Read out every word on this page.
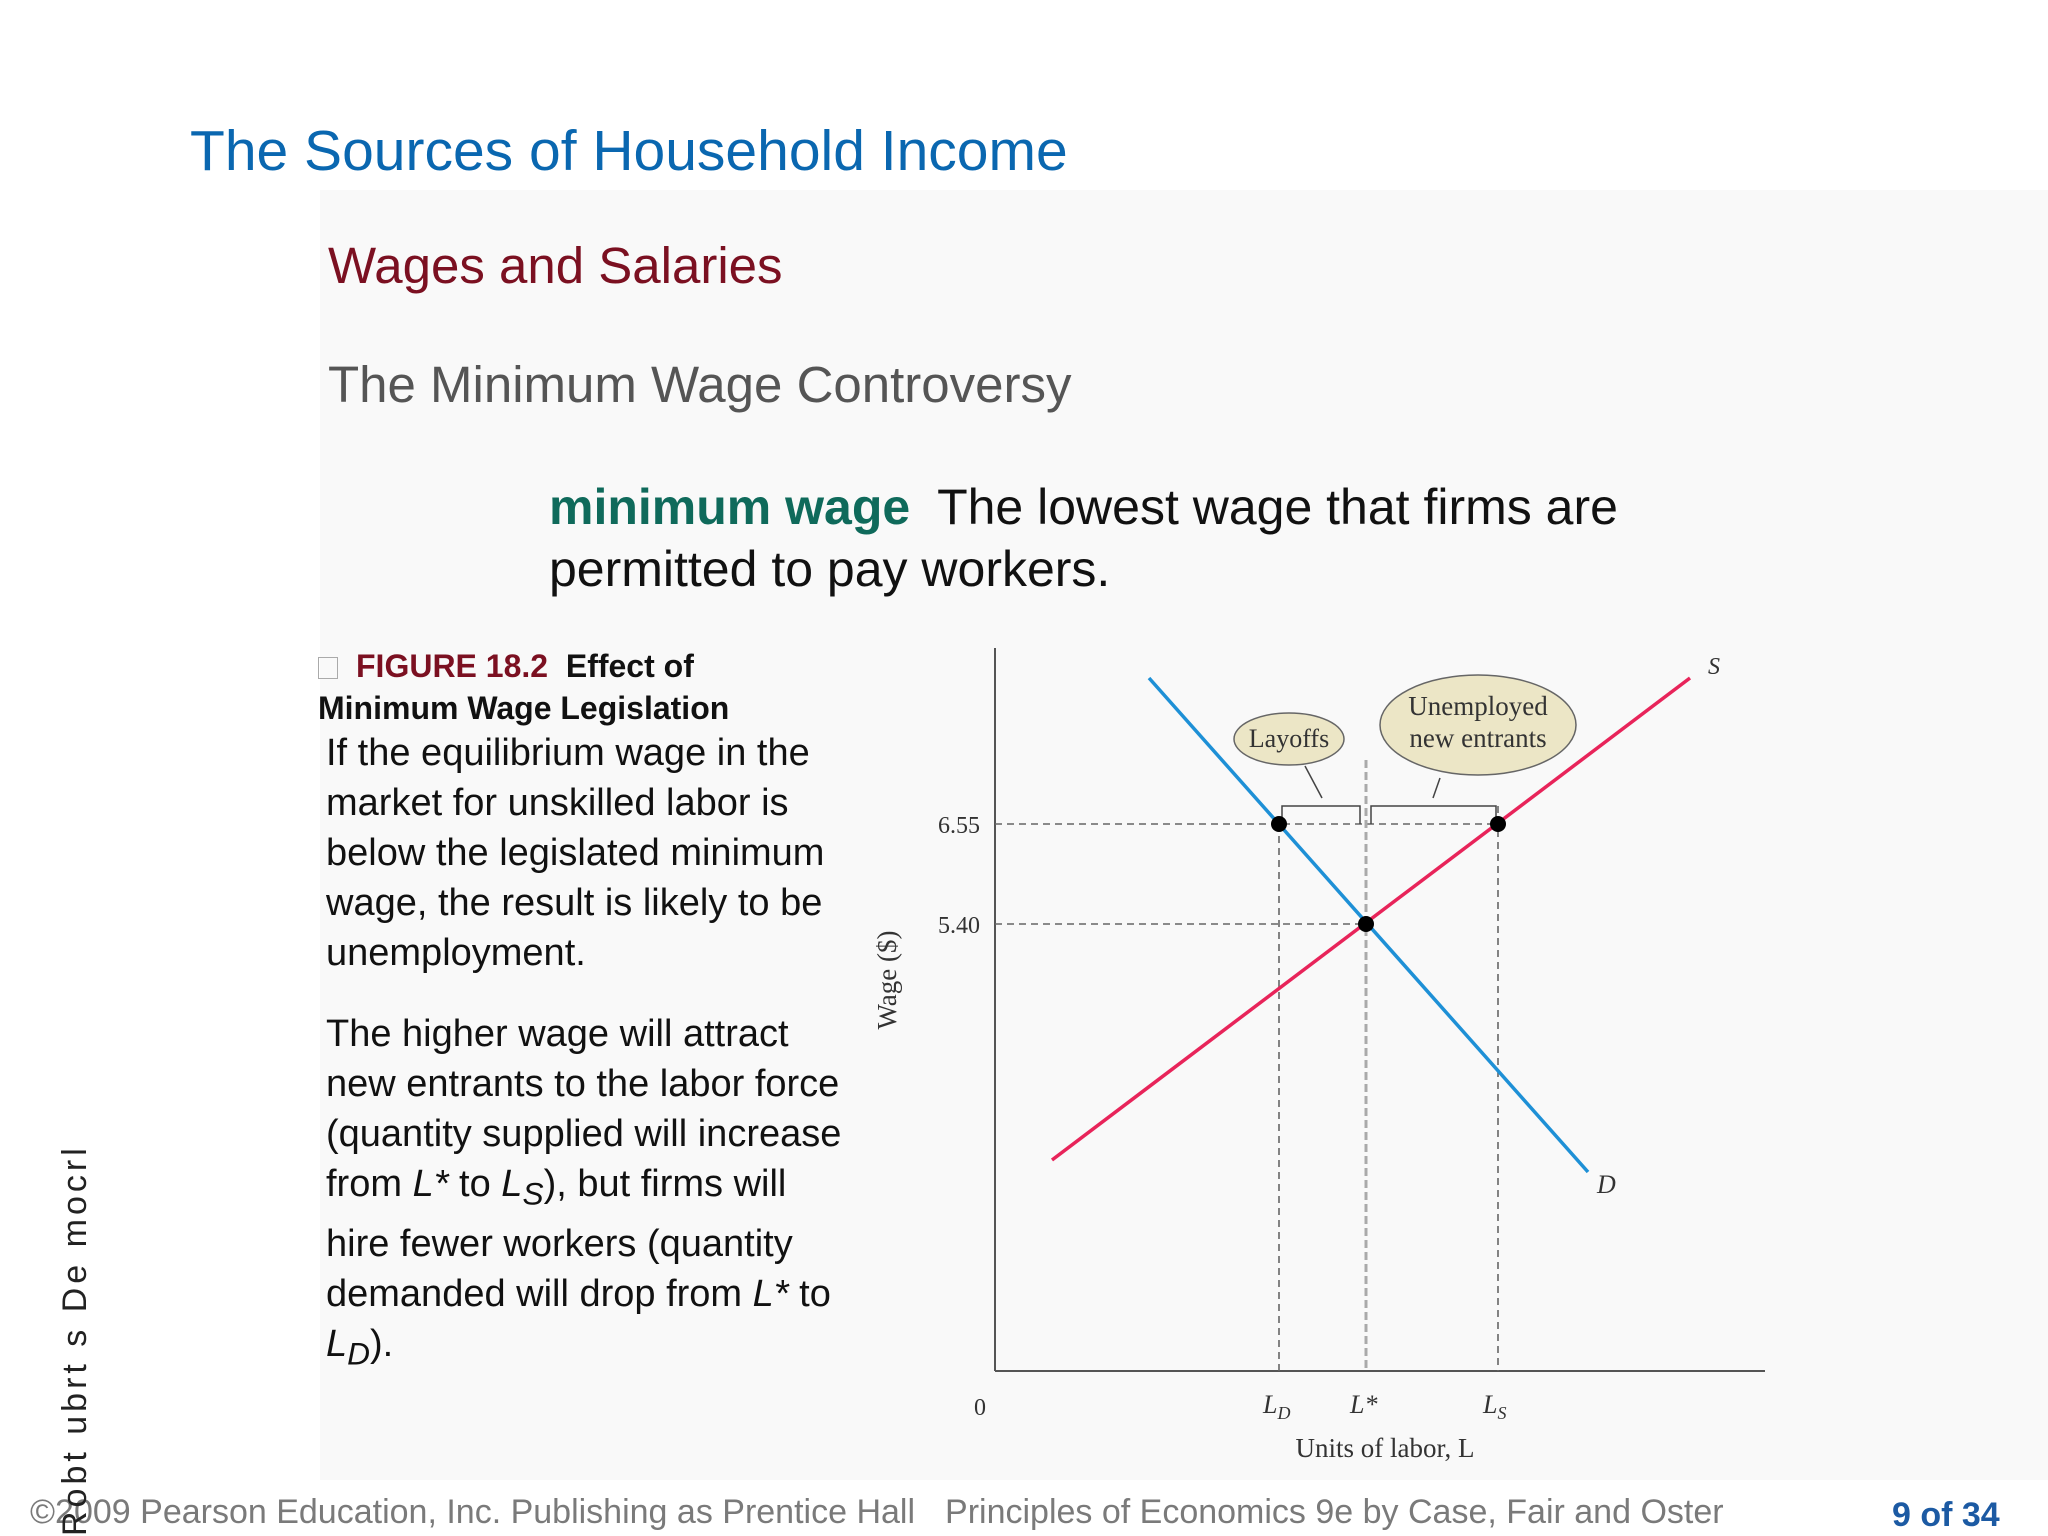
The Sources of Household Income
Wages and Salaries
The Minimum Wage Controversy
minimum wage The lowest wage that firms are
permitted to pay workers.
FIGURE 18.2 Effect of
Minimum Wage Legislation

If the equilibrium wage in the market for unskilled labor is below the legislated minimum wage, the result is likely to be unemployment.

The higher wage will attract new entrants to the labor force (quantity supplied will increase from L* to $L_S$), but firms will hire fewer workers (quantity demanded will drop from L* to $L_D$).

Layoffs
Unemployed
new entrants
S
D
6.55
5.40
0	$L_D$ L*	$L_S$
Units of labor, L
Wage ($)
©2009 Pearson Education, Inc. Publishing as Prentice Hall Principles of Economics 9e by Case, Fair and Oster	9 of 34
Robt ubrt s De mocrl
